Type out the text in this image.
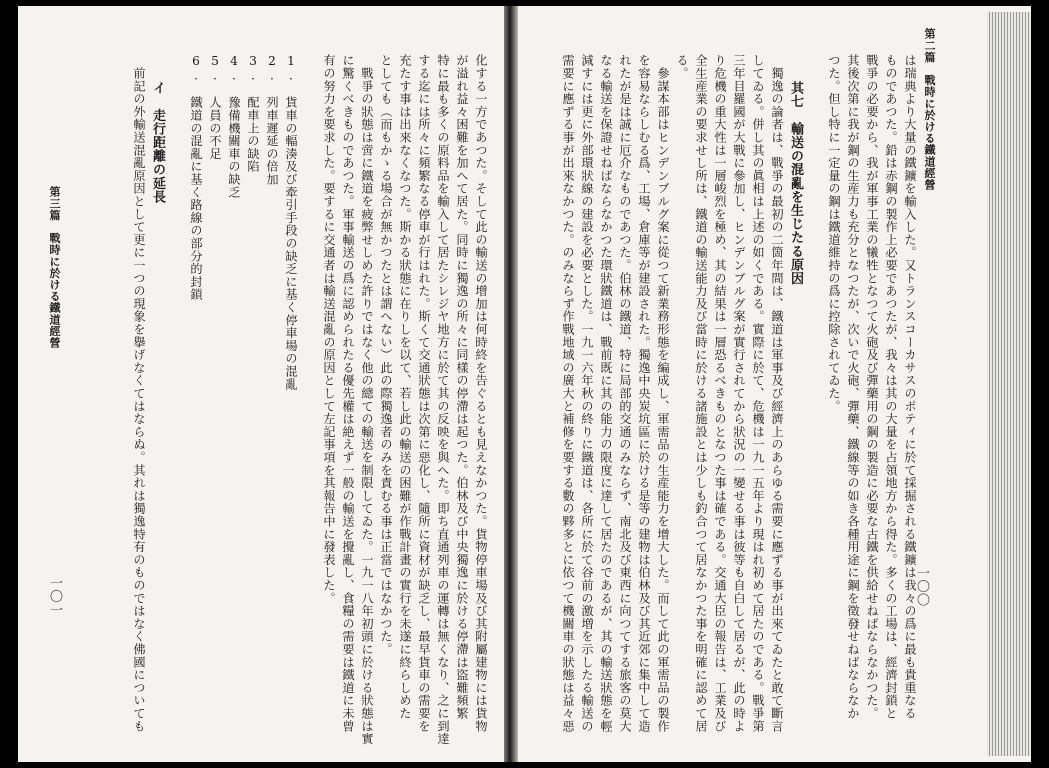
第二篇　戰時に於ける鐵道經營
は瑞典より大量の鐵鑛を輸入した。又トランスコーカサスのポティに於て採掘される鐵鑛は我々の爲に最も貴重なる
ものであつた。鉛は赤鋼の製作上必要であつたが、我々は其の大量を占領地方から得た。多くの工場は、經濟封鎖と
戰爭の必要から、我が軍事工業の犧牲となつて火砲及び彈藥用の鋼の製造に必要な古鐵を供給せねばならなかつた。
其後次第に我が鋼の生産力も充分となつたが、次いで火砲、彈藥、鐵線等の如き各種用途に鋼を徵發せねばならなか
つた。但し特に一定量の鋼は鐵道維持の爲に控除されてゐた。

　　其七　輸送の混亂を生じたる原因
　獨逸の論者は、戰爭の最初の二箇年間は、鐵道は軍事及び經濟上のあらゆる需要に應ずる事が出來てゐたと敢て斷言
してゐる。併し其の眞相は上述の如くである。實際に於て、危機は一九一五年より現はれ初めて居たのである。戰爭第
三年目羅國が大戰に參加し、ヒンデンブルグ案が實行されてから狀況の一變せる事は彼等も自白して居るが、此の時よ
り危機の重大性は一層峻烈を極め、其の結果は一層恐るべきものとなつた事は確である。交通大臣の報告は、工業及び
全生産業の要求せし所は、鐵道の輸送能力及び當時に於ける諸施設とは少しも釣合つて居なかつた事を明確に認めて居
る。
　參謀本部はヒンデンブルグ案に從つて新業務形態を編成し、軍需品の生産能力を增大した。而して此の軍需品の製作
を容易ならしむる爲、工場、倉庫等が建設された。獨逸中央炭坑區に於ける是等の建物は伯林及び其近郊に集中して造
れたが是は誠に厄介なものであつた。伯林の鐵道、特に局部的交通のみならず、南北及び東西に向つてする旅客の莫大
なる輸送を保證せねばならなかつた環狀鐵道は、戰前既に其の能力の限度に達して居たのであるが、其の輸送狀態を輕
減すには更に外部環狀線の建設を必要とした。一九一六年秋の終りに鐵道は、各所に於て谷前の激増を示したる輸送の
需要に應ずる事が出來なかつた。のみならず作戰地域の廣大と補修を要する數の夥多とに依つて機關車の狀態は益々惡	一〇〇
化する一方であつた。そして此の輸送の增加は何時終を告ぐるとも見えなかつた。貨物停車場及び其附屬建物には貨物
が溢れ益々困難を加へて居た。同時に獨逸の所々に同樣の停滯は起つた。伯林及び中央獨逸に於ける停滯は盜難頻繁
特に最も多くの原料品を輸入して居たシレジヤ地方に於て其の反映を與へた。即ち直通列車の運轉は無くなり、之に到達
する迄には所々に頻繁なる停車が行はれた。斯くて交通狀態は次第に惡化し、隨所に資材が缺乏し、最早貨車の需要を
充たす事は出來なくなつた。斯かる狀態に在りしを以て、若し此の輸送の困難が作戰計畫の實行を未遂に終らしめた
としても（而もかゝる場合が無かつたとは謂へない）此の際獨逸者のみを責むる事は正當ではなかつた。
　戰爭の狀態は啻に鐵道を疲弊せしめた許りではなく他の總ての輸送を制限してゐた。一九一八年初頭に於ける狀態は實
に驚くべきものであつた。軍事輸送の爲に認められたる優先權は絶えず一般の輸送を攪亂し、食糧の需要は鐵道に未曾
有の努力を要求した。要するに交通者は輸送混亂の原因として左記事項を其報告中に發表した。

1.　貨車の輻湊及び牽引手段の缺乏に基く停車場の混亂
2.　列車遲延の倍加
3.　配車上の缺陷
4.　豫備機關車の缺乏
5.　人員の不足
6.　鐵道の混亂に基く路線の部分的封鎖

　　イ　走行距離の延長
　前記の外輸送混亂原因として更に一つの現象を擧げなくてはならぬ。其れは獨逸特有のものではなく佛國についても
第三篇　戰時に於ける鐵道經營
一〇一
